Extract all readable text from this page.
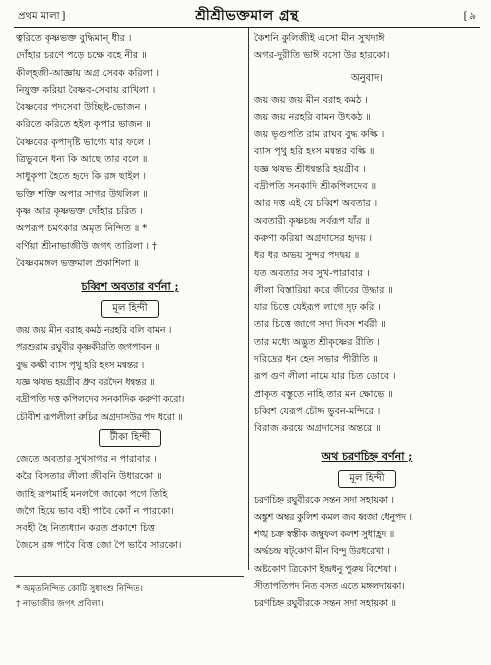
প্রথম মালা ]	শ্রীশ্রীভক্তমাল গ্রন্থ
[	৯
ত্বরিতে কৃষ্ণভক্ত বুদ্ধিমান্‌ ধীর ।
দোঁহার চরণে পড়ে চক্ষে বহে নীর ॥
কীল্‌হজী-আজ্ঞায় অগ্র সেবক করিলা ।
নিযুক্ত করিয়া বৈষ্ণব-সেবায় রাখিলা ।
বৈষ্ণবের পদসেবা উচ্ছিষ্ট-ভোজন ।
করিতে করিতে হইল কৃপার ভাজন ॥
বৈষ্ণবের কৃপাদৃষ্টি ভাগ্যে যার ফলে ।
ত্রিভুবনে ধন্য কি আছে তার বলে ॥
সাধুকৃপা হৈতে হৃদে কি রঙ্গ ছাইল ।
ভক্তি শক্তি অপার সাগর উথলিল ॥
কৃষ্ণ আর কৃষ্ণভক্ত দোঁহার চরিত ।
অপরূপ চমৎকার অমৃত নিন্দিত ॥ *
বর্ণিয়া শ্রীনাভাজীউ জগৎ তারিলা । †
বৈষ্ণবমঙ্গল ভক্তমাল প্রকাশিলা ॥
চব্বিশ অবতার বর্ণনা ;
মূল হিন্দী
জয় জয় মীন বরাহ কমঠ নরহরি বলি বামন ।
পরশুরাম রঘুবীর কৃষ্ণকীরতি জগপাবন ॥
বুদ্ধ কল্কী ব্যাস পৃথু হরি হংস মন্বন্তর ।
যজ্ঞ ঋষভ হয়গ্রীব ধ্রুব বরদৈন ধন্বন্তর ॥
বদ্রীপতি দত্ত কপিলদেব সনকাদিক করুণা করো।
চৌবীশ রূপলীলা রুচির অগ্রদাসউর পদ ধরো ॥
টীকা হিন্দী
জেতে অবতার সুখসাগর ন পারাবার ।
করৈ বিসতার লীলা জীবনি উধারকো ॥
জাহি রূপমাহিঁ মনলগৈ জাকো পগে তিহি
জগৈ হিয়ে ভাব বহী পাবৈ ক্যোঁ ন পারকো।
সবহী হৈ নিত্যধ্যান করত প্রকাশে চিত্ত
জৈসে রঙ্গ পাবৈ বিত্ত জো পৈ ভাবৈ সারকো।
কৈশনি কুলিজীই এসো মীন সুখদাঈ
অগর-দুরীতি ভাঈ বসো উর হারকো।
অনুবাদ।
জয় জয় জয় মীন বরাহ কমঠ ।
জয় জয় নরহরি বামন উৎকঠ ॥
জয় ভৃগুপতি রাম রাঘব বুদ্ধ কল্কি ।
ব্যাস পৃথু হরি হংস মন্বন্তর বল্কি ॥
যজ্ঞ ঋষভ শ্রীধন্বন্তরি হয়গ্রীব ।
বদ্রীপতি সনকাদি শ্রীকপিলদেব ॥
আর দত্ত এই যে চব্বিশ অবতার ।
অবতারী কৃষ্ণচন্দ্র সর্বরূপ যাঁর ॥
করুণা করিয়া অগ্রদাসের হৃদয় ।
ধর ধর অভয় সুন্দর পদদ্বয় ॥
যত অবতার সব সুখ-পারাবার ।
লীলা বিস্তারিয়া করে জীবের উদ্ধার ॥
যার চিত্তে যেইরূপ লাগে দৃঢ় করি ।
তার চিত্তে জাগে সদা দিবস শর্বরী ॥
তার মধ্যে অদ্ভুত শ্রীকৃষ্ণের রীতি ।
দরিদ্রের ধন হেন সভার পীরীতি ॥
রূপ গুণ লীলা নামে যার চিত ডোবে ।
প্রাকৃত বস্তুতে নাহি তার মন ক্ষোভে ॥
চব্বিশ যেরূপ চৌদ্দ ভুবন-মন্দিরে ।
বিরাজ করয়ে অগ্রদাসের অন্তরে ॥
অথ চরণচিহ্ন বর্ণনা ;
মূল হিন্দী
চরণচিহ্ন রঘুবীরকে সন্তন সদা সহায়কা ।
অঙ্কুশ অম্বর কুলিশ কমল জব ধ্বজা ধেনুপদ ।
শঙ্খ চক্র স্বস্তীক জম্বুফল কলশ সুধাহ্রদ ॥
অর্দ্ধচন্দ্র ষট্‌কোণ মীন বিন্দু উরধরেখা ।
অষ্টকোণ ত্রিকোণ ইন্দ্রধনু পুরুষ বিশেষা ।
সীতাপতিপদ নিত বসত এতে মঙ্গলদায়কা।
চরণচিহ্ন রঘুবীরকে সন্তন সদা সহায়কা ॥
* অমৃতনিন্দিত কোটি সুধাংশু নিন্দিত।
† নাভাজীর জগৎ প্রবিলা।
